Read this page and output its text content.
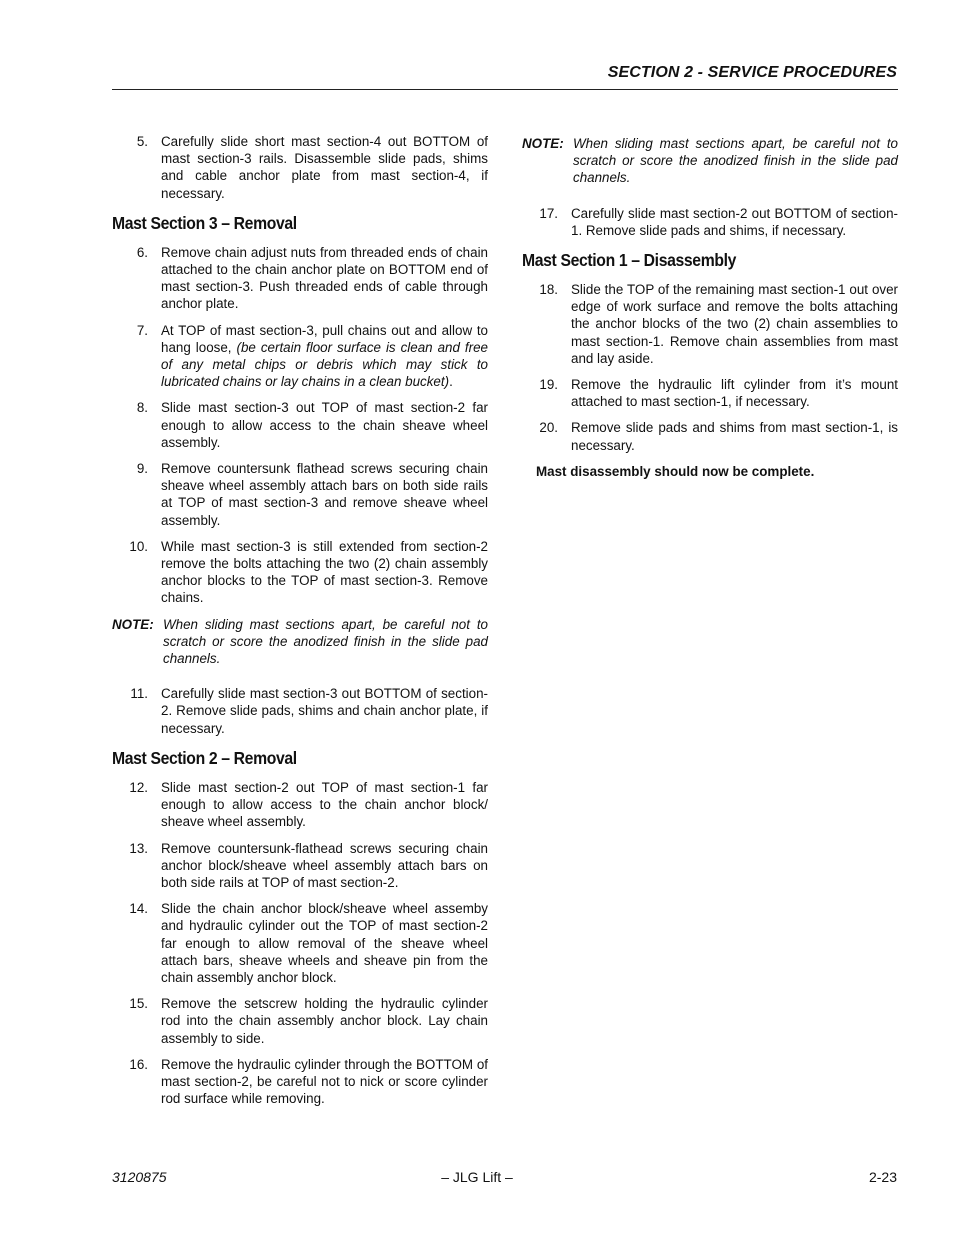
SECTION 2 - SERVICE PROCEDURES
5. Carefully slide short mast section-4 out BOTTOM of mast section-3 rails. Disassemble slide pads, shims and cable anchor plate from mast section-4, if necessary.
Mast Section 3 – Removal
6. Remove chain adjust nuts from threaded ends of chain attached to the chain anchor plate on BOTTOM end of mast section-3. Push threaded ends of cable through anchor plate.
7. At TOP of mast section-3, pull chains out and allow to hang loose, (be certain floor surface is clean and free of any metal chips or debris which may stick to lubricated chains or lay chains in a clean bucket).
8. Slide mast section-3 out TOP of mast section-2 far enough to allow access to the chain sheave wheel assembly.
9. Remove countersunk flathead screws securing chain sheave wheel assembly attach bars on both side rails at TOP of mast section-3 and remove sheave wheel assembly.
10. While mast section-3 is still extended from section-2 remove the bolts attaching the two (2) chain assembly anchor blocks to the TOP of mast section-3. Remove chains.
NOTE: When sliding mast sections apart, be careful not to scratch or score the anodized finish in the slide pad channels.
11. Carefully slide mast section-3 out BOTTOM of section-2. Remove slide pads, shims and chain anchor plate, if necessary.
Mast Section 2 – Removal
12. Slide mast section-2 out TOP of mast section-1 far enough to allow access to the chain anchor block/ sheave wheel assembly.
13. Remove countersunk-flathead screws securing chain anchor block/sheave wheel assembly attach bars on both side rails at TOP of mast section-2.
14. Slide the chain anchor block/sheave wheel assemby and hydraulic cylinder out the TOP of mast section-2 far enough to allow removal of the sheave wheel attach bars, sheave wheels and sheave pin from the chain assembly anchor block.
15. Remove the setscrew holding the hydraulic cylinder rod into the chain assembly anchor block. Lay chain assembly to side.
16. Remove the hydraulic cylinder through the BOTTOM of mast section-2, be careful not to nick or score cylinder rod surface while removing.
NOTE: When sliding mast sections apart, be careful not to scratch or score the anodized finish in the slide pad channels.
17. Carefully slide mast section-2 out BOTTOM of section-1. Remove slide pads and shims, if necessary.
Mast Section 1 – Disassembly
18. Slide the TOP of the remaining mast section-1 out over edge of work surface and remove the bolts attaching the anchor blocks of the two (2) chain assemblies to mast section-1. Remove chain assemblies from mast and lay aside.
19. Remove the hydraulic lift cylinder from it’s mount attached to mast section-1, if necessary.
20. Remove slide pads and shims from mast section-1, is necessary.
Mast disassembly should now be complete.
3120875	– JLG Lift –	2-23
